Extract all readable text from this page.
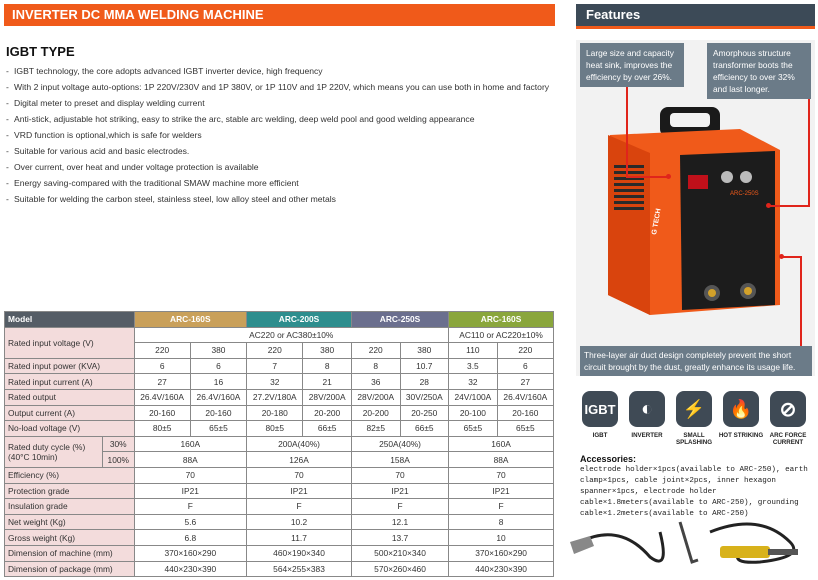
INVERTER DC MMA WELDING MACHINE	Features
IGBT TYPE
- IGBT technology, the core adopts advanced IGBT inverter device, high frequency
- With 2 input voltage auto-options: 1P 220V/230V and 1P 380V, or 1P 110V and 1P 220V, which means you can use both in home and factory
- Digital meter to preset and display welding current
- Anti-stick, adjustable hot striking, easy to strike the arc, stable arc welding, deep weld pool and good welding appearance
- VRD function is optional,which is safe for welders
- Suitable for various acid and basic electrodes.
- Over current, over heat and under voltage protection is available
- Energy saving-compared with the traditional SMAW machine more efficient
- Suitable for welding the carbon steel, stainless steel, low alloy steel and other metals
Model		ARC-160S		ARC-200S		ARC-250S		ARC-160S	
Rated input voltage (V)		AC220 or AC380±10%						AC110 or AC220±10%	
		220	380	220	380	220	380	110	220
Rated input power (KVA)		6	6	7	8	8	10.7	3.5	6
Rated input current (A)		27	16	32	21	36	28	32	27
Rated output		26.4V/160A	26.4V/160A	27.2V/180A	28V/200A	28V/200A	30V/250A	24V/100A	26.4V/160A
Output current (A)		20-160	20-160	20-180	20-200	20-200	20-250	20-100	20-160
No-load voltage (V)		80±5	65±5	80±5	66±5	82±5	66±5	65±5	65±5
Rated duty cycle (%)(40°C 10min)	30%	160A		200A(40%)		250A(40%)		160A	
	100%	88A		126A		158A		88A	
Efficiency (%)		70		70		70		70	
Protection grade		IP21		IP21		IP21		IP21	
Insulation grade		F		F		F		F	
Net weight (Kg)		5.6		10.2		12.1		8	
Gross weight (Kg)		6.8		11.7		13.7		10	
Dimension of machine (mm)		370×160×290		460×190×340		500×210×340		370×160×290	
Dimension of package (mm)		440×230×390		564×255×383		570×260×460		440×230×390	
Large size and capacity heat sink, improves the efficiency by over 26%.
Amorphous structure transformer boots the efficiency to over 32% and last longer.
ARC-250S
G TECH
Three-layer air duct design completely prevent the short circuit brought by the dust, greatly enhance its usage life.
IGBT
IGBT
◐
INVERTER
⚡
SMALL SPLASHING
🔥
HOT STRIKING
⊘
ARC FORCE CURRENT
Accessories:
electrode holder×1pcs(available to ARC-250), earth clamp×1pcs, cable joint×2pcs, inner hexagon spanner×1pcs, electrode holder cable×1.8meters(available to ARC-250), grounding cable×1.2meters(available to ARC-250)
